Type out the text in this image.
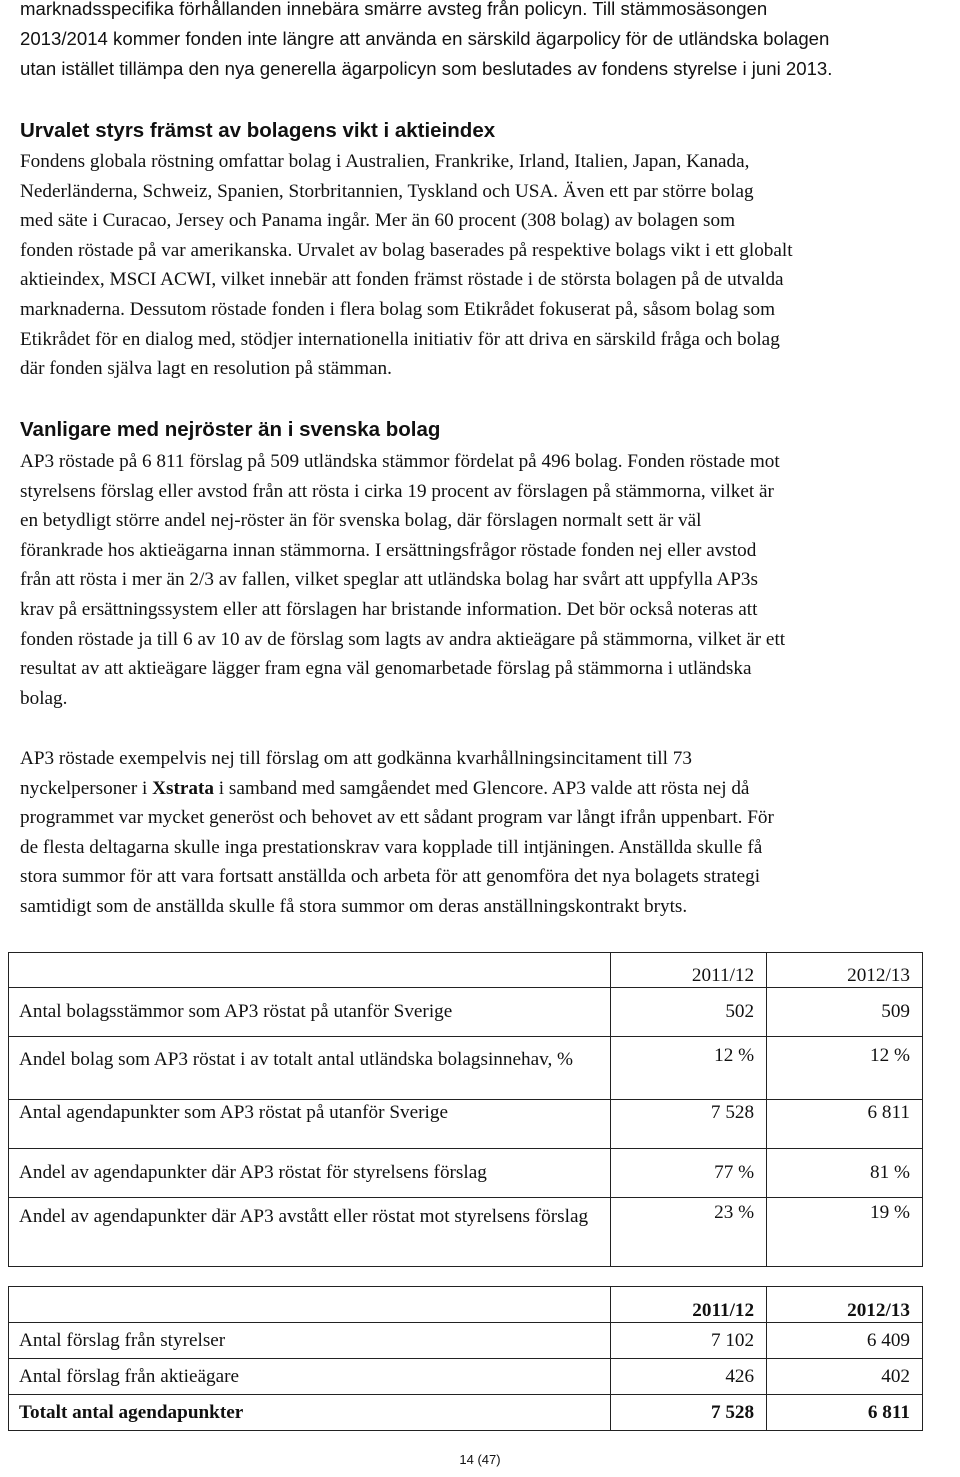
marknadsspecifika förhållanden innebära smärre avsteg från policyn. Till stämmosäsongen
2013/2014 kommer fonden inte längre att använda en särskild ägarpolicy för de utländska bolagen
utan istället tillämpa den nya generella ägarpolicyn som beslutades av fondens styrelse i juni 2013.
Urvalet styrs främst av bolagens vikt i aktieindex
Fondens globala röstning omfattar bolag i Australien, Frankrike, Irland, Italien, Japan, Kanada,
Nederländerna, Schweiz, Spanien, Storbritannien, Tyskland och USA. Även ett par större bolag
med säte i Curacao, Jersey och Panama ingår. Mer än 60 procent (308 bolag) av bolagen som
fonden röstade på var amerikanska. Urvalet av bolag baserades på respektive bolags vikt i ett globalt
aktieindex, MSCI ACWI, vilket innebär att fonden främst röstade i de största bolagen på de utvalda
marknaderna. Dessutom röstade fonden i flera bolag som Etikrådet fokuserat på, såsom bolag som
Etikrådet för en dialog med, stödjer internationella initiativ för att driva en särskild fråga och bolag
där fonden själva lagt en resolution på stämman.
Vanligare med nejröster än i svenska bolag
AP3 röstade på 6 811 förslag på 509 utländska stämmor fördelat på 496 bolag. Fonden röstade mot
styrelsens förslag eller avstod från att rösta i cirka 19 procent av förslagen på stämmorna, vilket är
en betydligt större andel nej-röster än för svenska bolag, där förslagen normalt sett är väl
förankrade hos aktieägarna innan stämmorna. I ersättningsfrågor röstade fonden nej eller avstod
från att rösta i mer än 2/3 av fallen, vilket speglar att utländska bolag har svårt att uppfylla AP3s
krav på ersättningssystem eller att förslagen har bristande information. Det bör också noteras att
fonden röstade ja till 6 av 10 av de förslag som lagts av andra aktieägare på stämmorna, vilket är ett
resultat av att aktieägare lägger fram egna väl genomarbetade förslag på stämmorna i utländska
bolag.
AP3 röstade exempelvis nej till förslag om att godkänna kvarhållningsincitament till 73
nyckelpersoner i Xstrata i samband med samgåendet med Glencore. AP3 valde att rösta nej då
programmet var mycket generöst och behovet av ett sådant program var långt ifrån uppenbart. För
de flesta deltagarna skulle inga prestationskrav vara kopplade till intjäningen. Anställda skulle få
stora summor för att vara fortsatt anställda och arbeta för att genomföra det nya bolagets strategi
samtidigt som de anställda skulle få stora summor om deras anställningskontrakt bryts.
	2011/12	2012/13
Antal bolagsstämmor som AP3 röstat på utanför Sverige	502	509
Andel bolag som AP3 röstat i av totalt antal utländska bolagsinnehav, %	12 %	12 %
Antal agendapunkter som AP3 röstat på utanför Sverige	7 528	6 811
Andel av agendapunkter där AP3 röstat för styrelsens förslag	77 %	81 %
Andel av agendapunkter där AP3 avstått eller röstat mot styrelsens förslag	23 %	19 %
	2011/12	2012/13
Antal förslag från styrelser	7 102	6 409
Antal förslag från aktieägare	426	402
Totalt antal agendapunkter	7 528	6 811
14 (47)
